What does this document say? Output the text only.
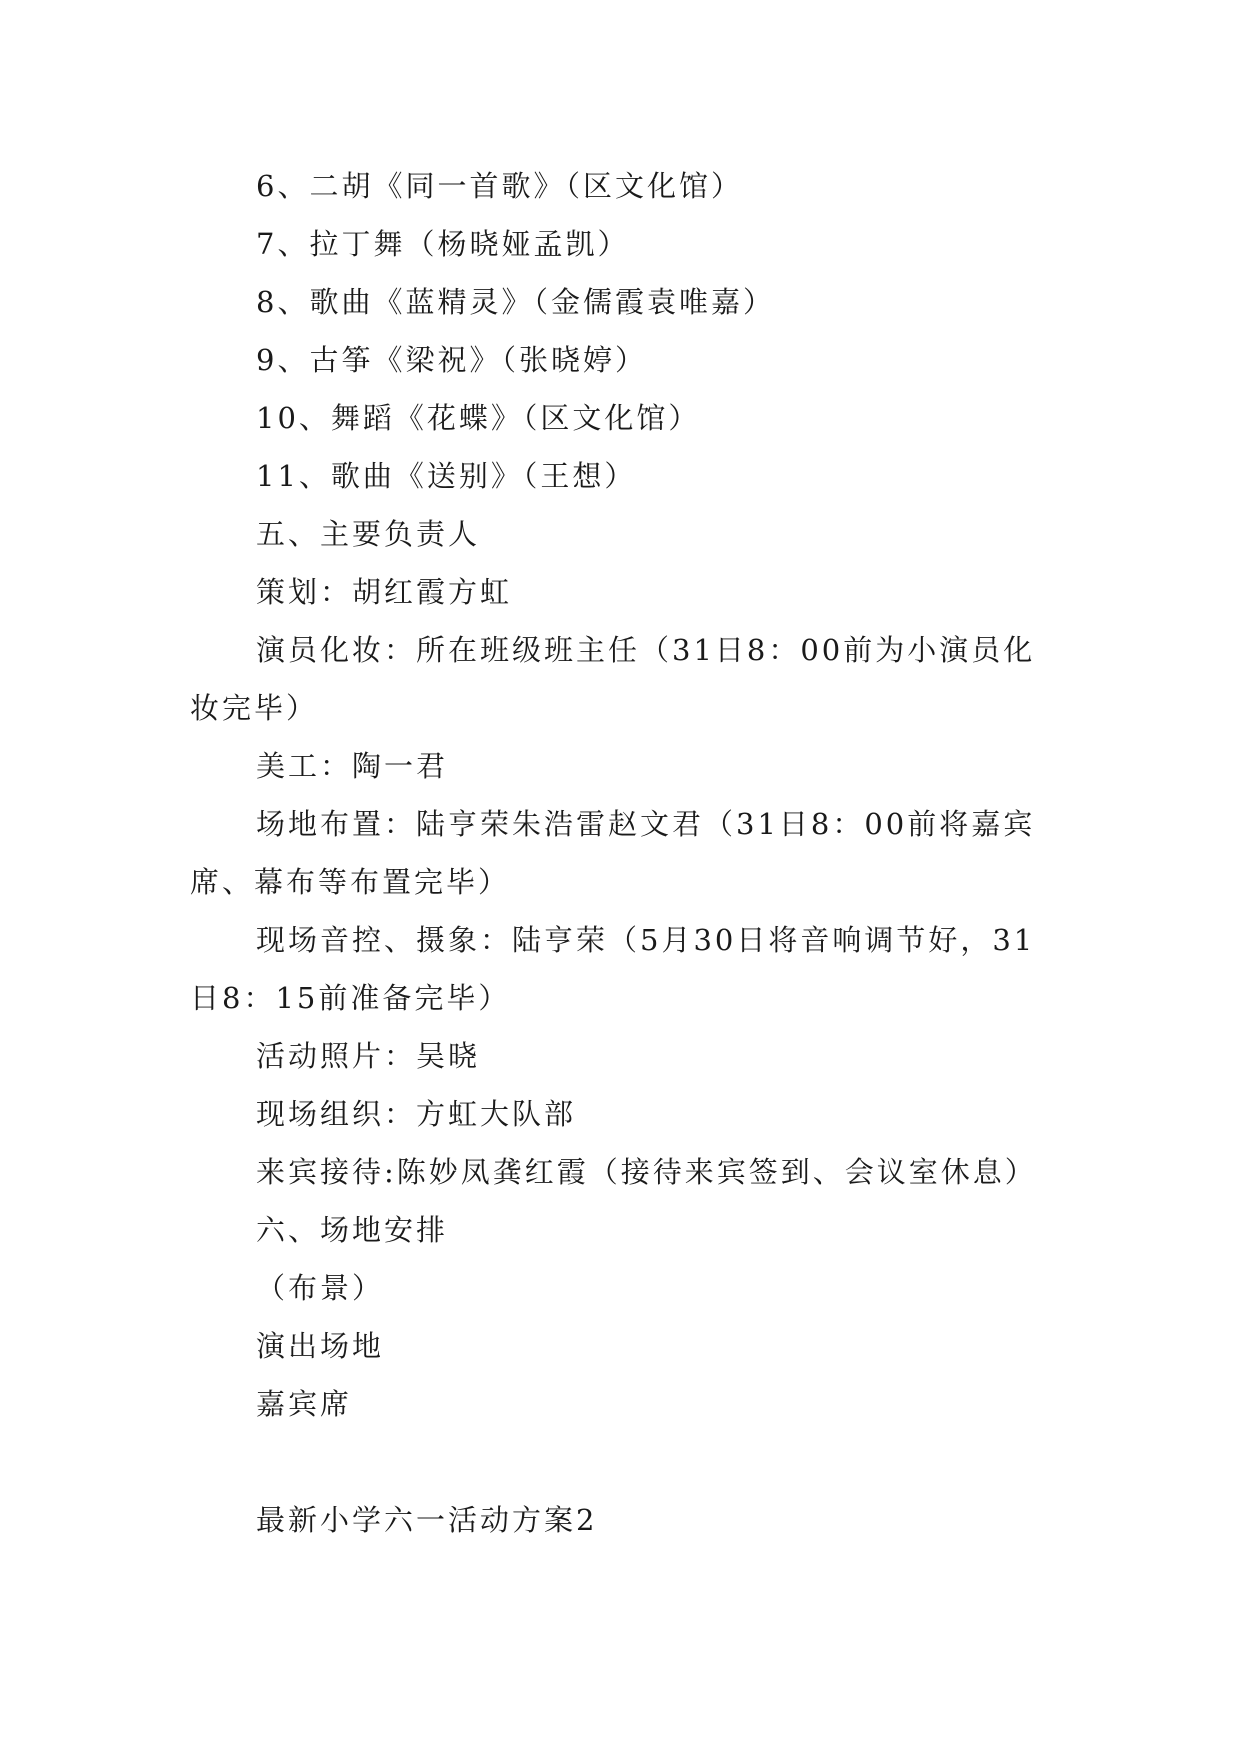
6、二胡《同一首歌》（区文化馆）

7、拉丁舞（杨晓娅孟凯）

8、歌曲《蓝精灵》（金儒霞袁唯嘉）

9、古筝《梁祝》（张晓婷）

10、舞蹈《花蝶》（区文化馆）

11、歌曲《送别》（王想）

五、主要负责人

策划：胡红霞方虹

演员化妆：所在班级班主任（31日8：00前为小演员化

妆完毕）

美工：陶一君

场地布置：陆亨荣朱浩雷赵文君（31日8：00前将嘉宾

席、幕布等布置完毕）

现场音控、摄象：陆亨荣（5月30日将音响调节好，31

日8：15前准备完毕）

活动照片：吴晓

现场组织：方虹大队部

来宾接待:陈妙凤龚红霞（接待来宾签到、会议室休息）

六、场地安排

（布景）

演出场地

嘉宾席

最新小学六一活动方案2
